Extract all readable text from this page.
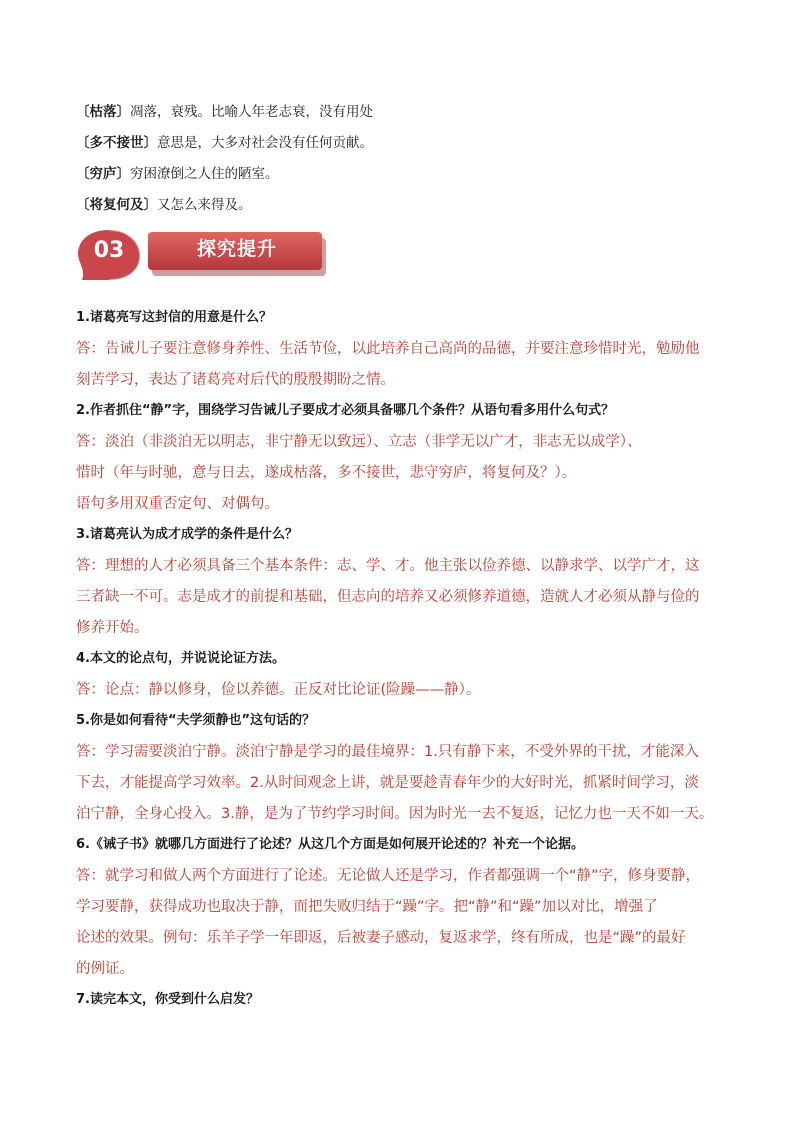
〔枯落〕凋落，衰残。比喻人年老志衰，没有用处
〔多不接世〕意思是，大多对社会没有任何贡献。
〔穷庐〕穷困潦倒之人住的陋室。
〔将复何及〕又怎么来得及。
03	探究提升
1.诸葛亮写这封信的用意是什么？
答：告诫儿子要注意修身养性、生活节俭，以此培养自己高尚的品德，并要注意珍惜时光，勉励他
刻苦学习，表达了诸葛亮对后代的殷殷期盼之情。
2.作者抓住“静”字，围绕学习告诫儿子要成才必须具备哪几个条件？从语句看多用什么句式？
答：淡泊（非淡泊无以明志，非宁静无以致远）、立志（非学无以广才，非志无以成学）、
惜时（年与时驰，意与日去，遂成枯落，多不接世，悲守穷庐，将复何及？）。
语句多用双重否定句、对偶句。
3.诸葛亮认为成才成学的条件是什么？
答：理想的人才必须具备三个基本条件：志、学、才。他主张以俭养德、以静求学、以学广才，这
三者缺一不可。志是成才的前提和基础，但志向的培养又必须修养道德，造就人才必须从静与俭的
修养开始。
4.本文的论点句，并说说论证方法。
答：论点：静以修身，俭以养德。正反对比论证(险躁——静）。
5.你是如何看待“夫学须静也”这句话的？
答：学习需要淡泊宁静。淡泊宁静是学习的最佳境界：1.只有静下来，不受外界的干扰，才能深入
下去，才能提高学习效率。2.从时间观念上讲，就是要趁青春年少的大好时光，抓紧时间学习，淡
泊宁静，全身心投入。3.静，是为了节约学习时间。因为时光一去不复返，记忆力也一天不如一天。
6.《诫子书》就哪几方面进行了论述？从这几个方面是如何展开论述的？补充一个论据。
答：就学习和做人两个方面进行了论述。无论做人还是学习，作者都强调一个“静”字，修身要静，
学习要静，获得成功也取决于静，而把失败归结于“躁”字。把“静”和“躁”加以对比，增强了
论述的效果。例句：乐羊子学一年即返，后被妻子感动，复返求学，终有所成，也是“躁”的最好
的例证。
7.读完本文，你受到什么启发？
